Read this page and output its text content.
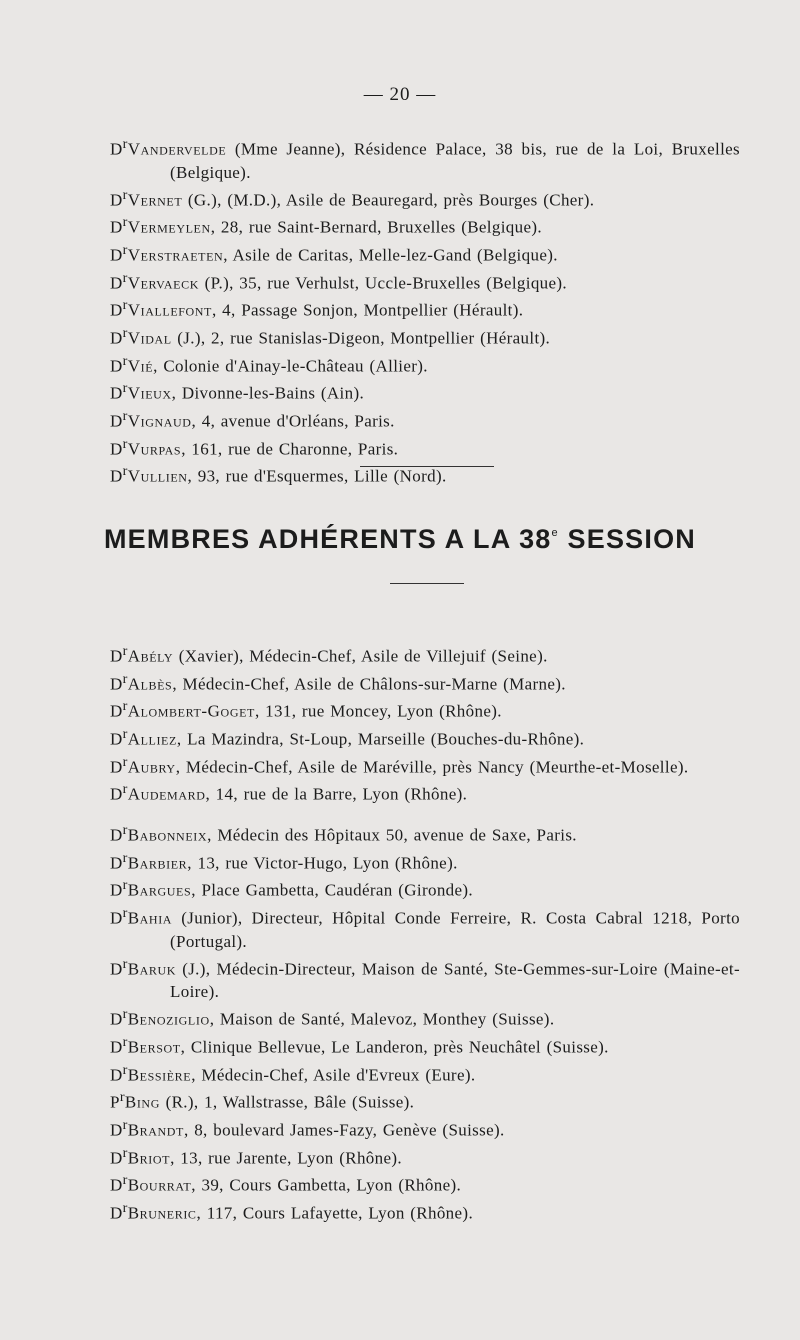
— 20 —
$D^rVandervelde$ (Mme Jeanne), Résidence Palace, 38 bis, rue de la Loi, Bruxelles (Belgique).
$D^rVernet$ (G.), (M.D.), Asile de Beauregard, près Bourges (Cher).
$D^rVermeylen$, 28, rue Saint-Bernard, Bruxelles (Belgique).
$D^rVerstraeten$, Asile de Caritas, Melle-lez-Gand (Belgique).
$D^rVervaeck$ (P.), 35, rue Verhulst, Uccle-Bruxelles (Belgique).
$D^rViallefont$, 4, Passage Sonjon, Montpellier (Hérault).
$D^rVidal$ (J.), 2, rue Stanislas-Digeon, Montpellier (Hérault).
$D^rVié$, Colonie d'Ainay-le-Château (Allier).
$D^rVieux$, Divonne-les-Bains (Ain).
$D^rVignaud$, 4, avenue d'Orléans, Paris.
$D^rVurpas$, 161, rue de Charonne, Paris.
$D^rVullien$, 93, rue d'Esquermes, Lille (Nord).
MEMBRES ADHÉRENTS A LA 38e SESSION
$D^rAbély$ (Xavier), Médecin-Chef, Asile de Villejuif (Seine).
$D^rAlbès$, Médecin-Chef, Asile de Châlons-sur-Marne (Marne).
$D^rAlombert$-Goget, 131, rue Moncey, Lyon (Rhône).
$D^rAlliez$, La Mazindra, St-Loup, Marseille (Bouches-du-Rhône).
$D^rAubry$, Médecin-Chef, Asile de Maréville, près Nancy (Meurthe-et-Moselle).
$D^rAudemard$, 14, rue de la Barre, Lyon (Rhône).
$D^rBabonneix$, Médecin des Hôpitaux 50, avenue de Saxe, Paris.
$D^rBarbier$, 13, rue Victor-Hugo, Lyon (Rhône).
$D^rBargues$, Place Gambetta, Caudéran (Gironde).
$D^rBahia$ (Junior), Directeur, Hôpital Conde Ferreire, R. Costa Cabral 1218, Porto (Portugal).
$D^rBaruk$ (J.), Médecin-Directeur, Maison de Santé, Ste-Gemmes-sur-Loire (Maine-et-Loire).
$D^rBenoziglio$, Maison de Santé, Malevoz, Monthey (Suisse).
$D^rBersot$, Clinique Bellevue, Le Landeron, près Neuchâtel (Suisse).
$D^rBessière$, Médecin-Chef, Asile d'Evreux (Eure).
$P^rBing$ (R.), 1, Wallstrasse, Bâle (Suisse).
$D^rBrandt$, 8, boulevard James-Fazy, Genève (Suisse).
$D^rBriot$, 13, rue Jarente, Lyon (Rhône).
$D^rBourrat$, 39, Cours Gambetta, Lyon (Rhône).
$D^rBruneric$, 117, Cours Lafayette, Lyon (Rhône).
